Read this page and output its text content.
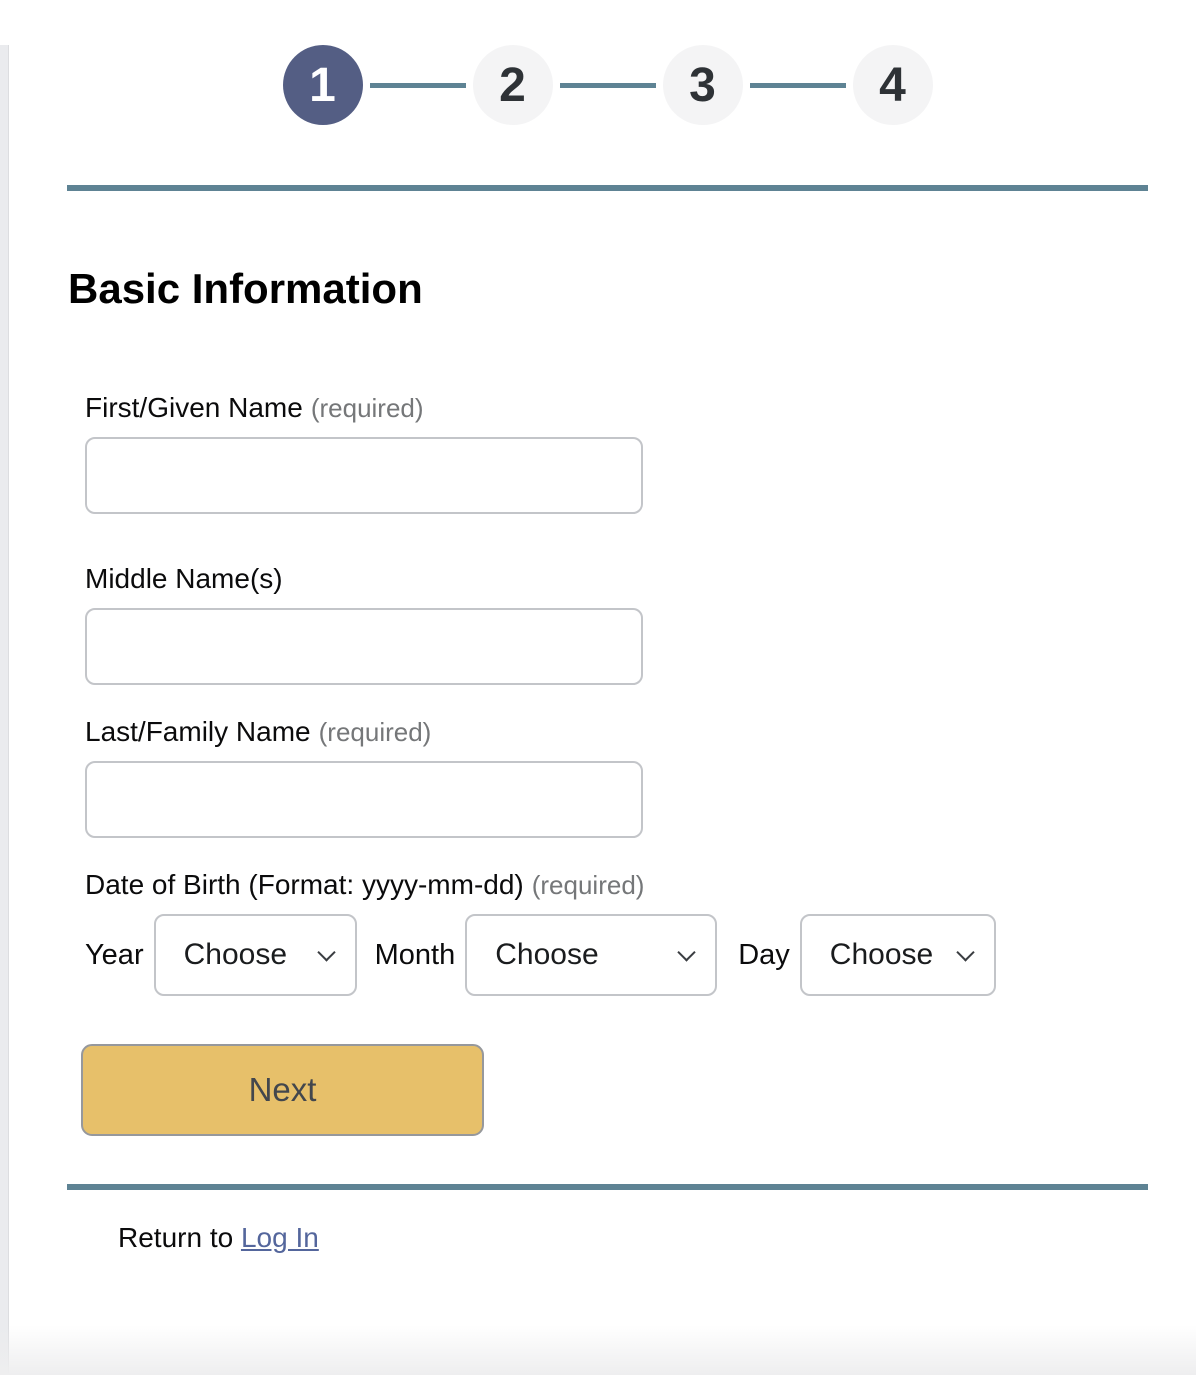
1	2	3	4
Basic Information
First/Given Name (required)
Middle Name(s)
Last/Family Name (required)
Date of Birth (Format: yyyy-mm-dd) (required)
Year Choose	Month Choose	Day Choose
Next
Return to Log In
